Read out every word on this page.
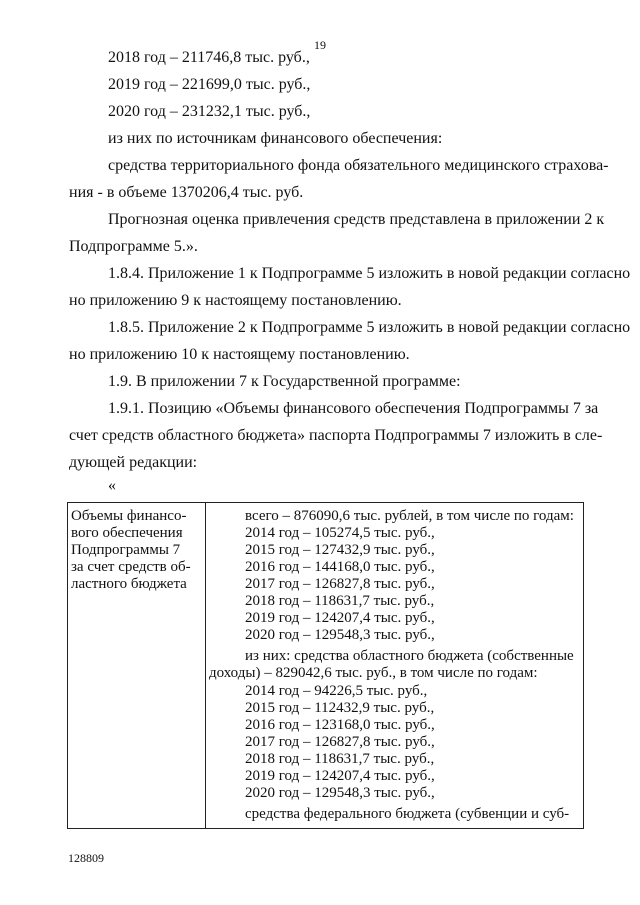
19
2018 год – 211746,8 тыс. руб.,
2019 год – 221699,0 тыс. руб.,
2020 год – 231232,1 тыс. руб.,
из них по источникам финансового обеспечения:
средства территориального фонда обязательного медицинского страхова-
ния - в объеме 1370206,4 тыс. руб.
Прогнозная оценка привлечения средств представлена в приложении 2 к
Подпрограмме 5.».
1.8.4. Приложение 1 к Подпрограмме 5 изложить в новой редакции согласно
но приложению 9 к настоящему постановлению.
1.8.5. Приложение 2 к Подпрограмме 5 изложить в новой редакции согласно
но приложению 10 к настоящему постановлению.
1.9. В приложении 7 к Государственной программе:
1.9.1. Позицию «Объемы финансового обеспечения Подпрограммы 7 за
счет средств областного бюджета» паспорта Подпрограммы 7 изложить в сле-
дующей редакции:
«
Объемы финансо-
вого обеспечения
Подпрограммы 7
за счет средств об-
ластного бюджета
всего – 876090,6 тыс. рублей, в том числе по годам:
2014 год – 105274,5 тыс. руб.,
2015 год – 127432,9 тыс. руб.,
2016 год – 144168,0 тыс. руб.,
2017 год – 126827,8 тыс. руб.,
2018 год – 118631,7 тыс. руб.,
2019 год – 124207,4 тыс. руб.,
2020 год – 129548,3 тыс. руб.,
из них: средства областного бюджета (собственные
доходы) – 829042,6 тыс. руб., в том числе по годам:
2014 год – 94226,5 тыс. руб.,
2015 год – 112432,9 тыс. руб.,
2016 год – 123168,0 тыс. руб.,
2017 год – 126827,8 тыс. руб.,
2018 год – 118631,7 тыс. руб.,
2019 год – 124207,4 тыс. руб.,
2020 год – 129548,3 тыс. руб.,
средства федерального бюджета (субвенции и суб-
128809
